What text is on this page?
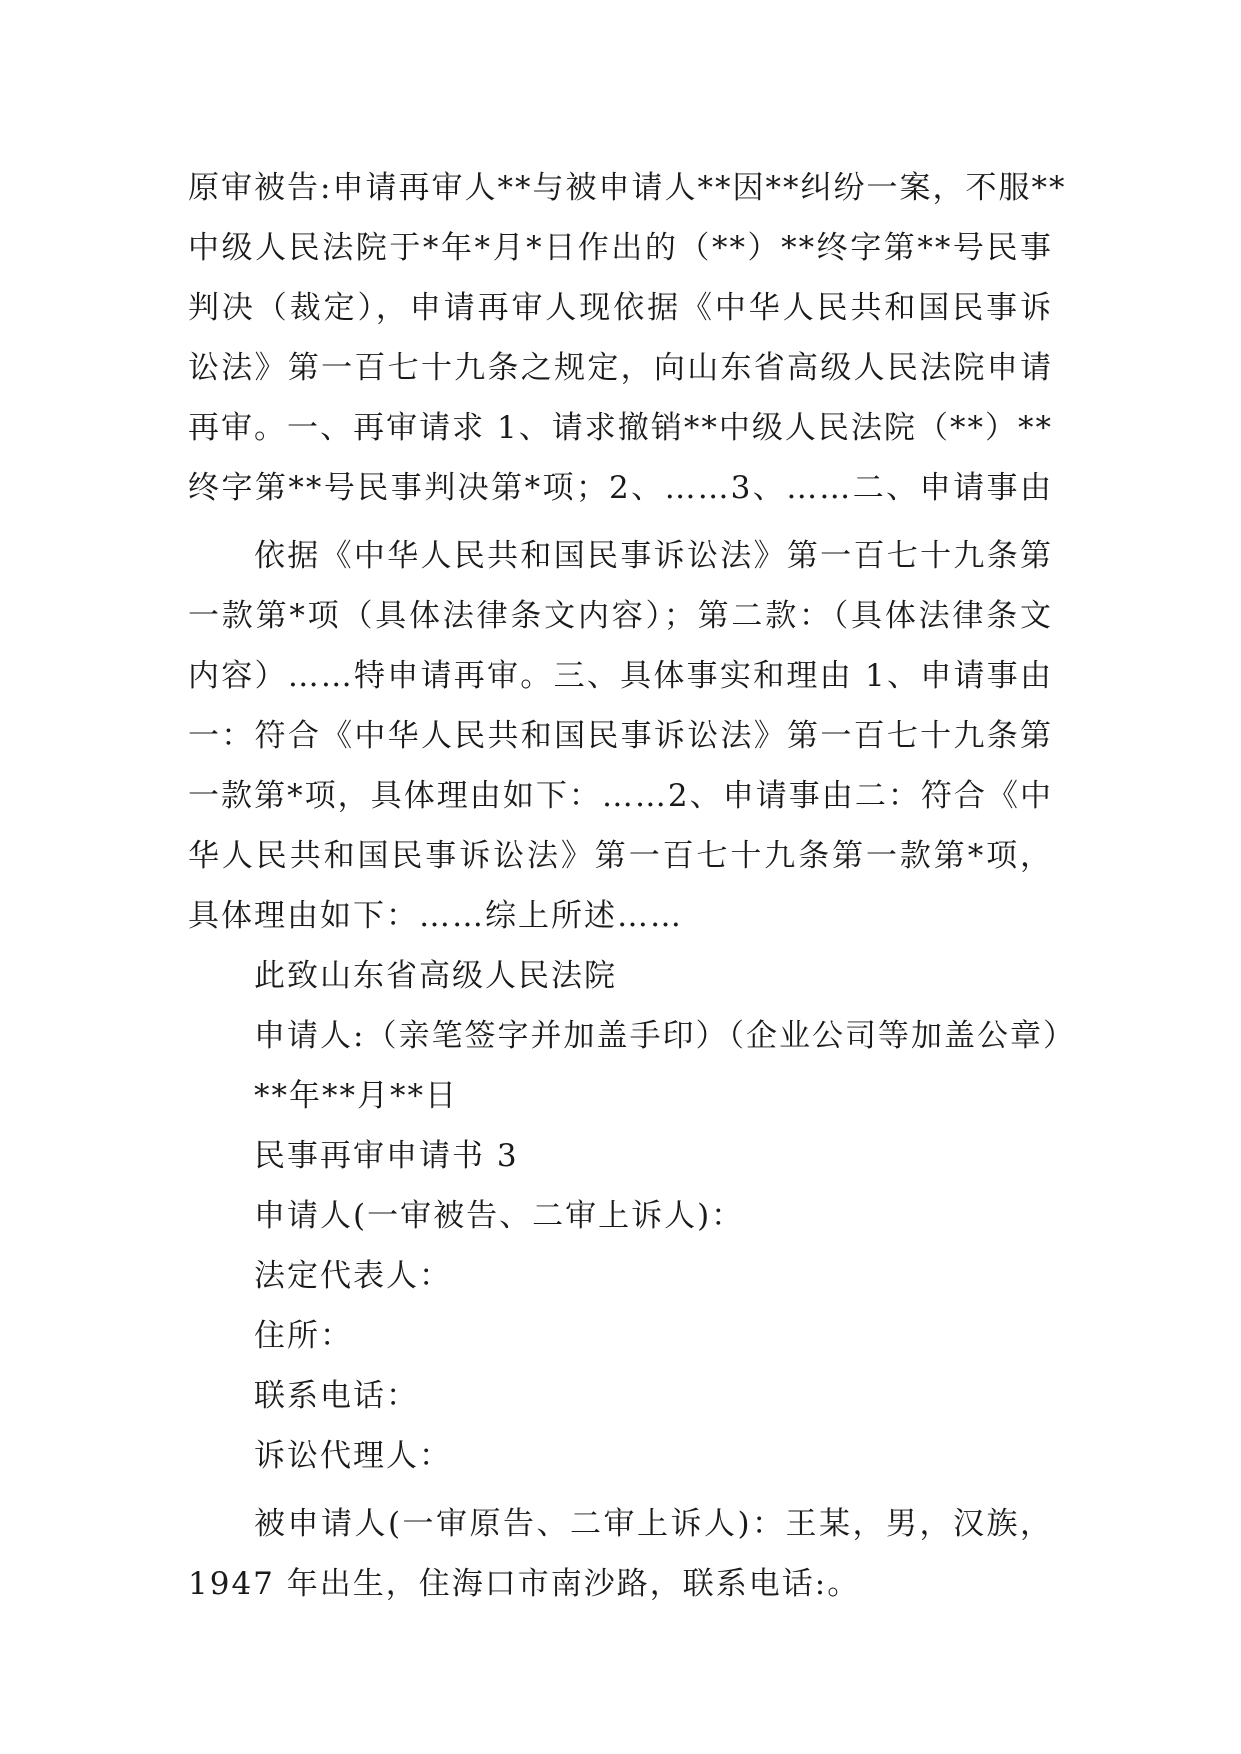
原审被告:申请再审人**与被申请人**因**纠纷一案，不服**
中级人民法院于*年*月*日作出的（**）**终字第**号民事
判决（裁定），申请再审人现依据《中华人民共和国民事诉
讼法》第一百七十九条之规定，向山东省高级人民法院申请
再审。一、再审请求 1、请求撤销**中级人民法院（**）**
终字第**号民事判决第*项；2、……3、……二、申请事由
依据《中华人民共和国民事诉讼法》第一百七十九条第
一款第*项（具体法律条文内容）；第二款：（具体法律条文
内容）……特申请再审。三、具体事实和理由 1、申请事由
一：符合《中华人民共和国民事诉讼法》第一百七十九条第
一款第*项，具体理由如下：……2、申请事由二：符合《中
华人民共和国民事诉讼法》第一百七十九条第一款第*项，
具体理由如下：……综上所述……
此致山东省高级人民法院
申请人:（亲笔签字并加盖手印）（企业公司等加盖公章）
**年**月**日
民事再审申请书 3
申请人(一审被告、二审上诉人)：
法定代表人：
住所：
联系电话：
诉讼代理人：
被申请人(一审原告、二审上诉人)：王某，男，汉族，
1947 年出生，住海口市南沙路，联系电话:。
